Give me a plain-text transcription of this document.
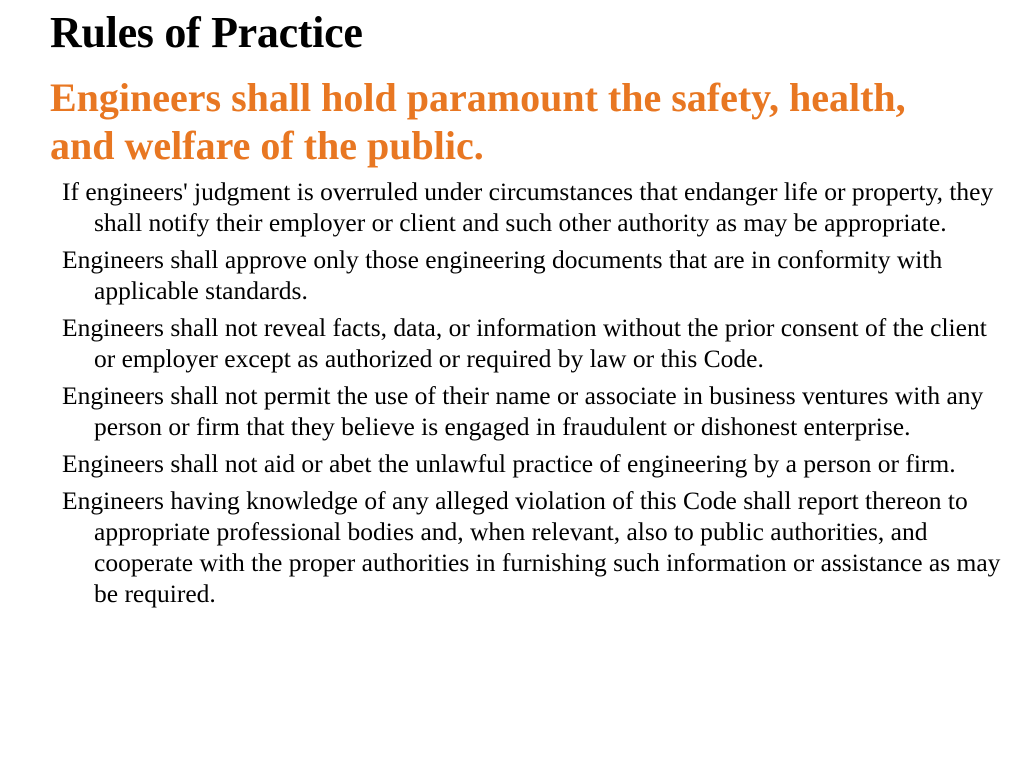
Rules of Practice
Engineers shall hold paramount the safety, health, and welfare of the public.
If engineers' judgment is overruled under circumstances that endanger life or property, they shall notify their employer or client and such other authority as may be appropriate.
Engineers shall approve only those engineering documents that are in conformity with applicable standards.
Engineers shall not reveal facts, data, or information without the prior consent of the client or employer except as authorized or required by law or this Code.
Engineers shall not permit the use of their name or associate in business ventures with any person or firm that they believe is engaged in fraudulent or dishonest enterprise.
Engineers shall not aid or abet the unlawful practice of engineering by a person or firm.
Engineers having knowledge of any alleged violation of this Code shall report thereon to appropriate professional bodies and, when relevant, also to public authorities, and cooperate with the proper authorities in furnishing such information or assistance as may be required.
